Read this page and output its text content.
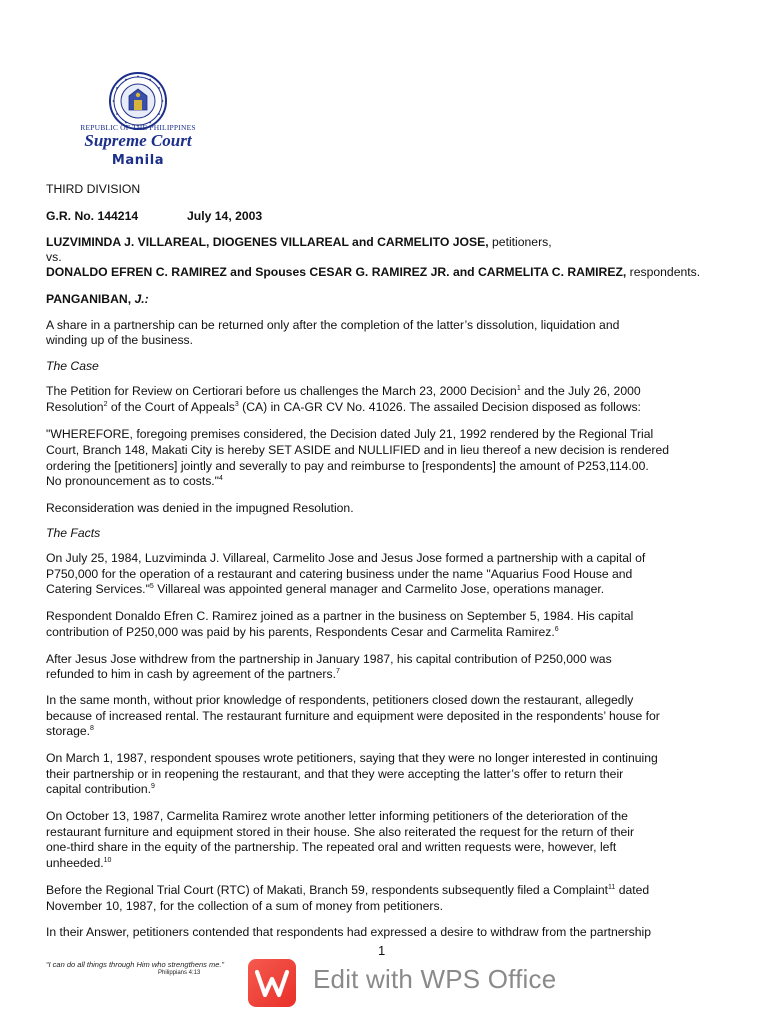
REPUBLIC OF THE PHILIPPINES
Supreme Court
Manila
THIRD DIVISION
G.R. No. 144214	July 14, 2003
LUZVIMINDA J. VILLAREAL, DIOGENES VILLAREAL and CARMELITO JOSE, petitioners,
vs.
DONALDO EFREN C. RAMIREZ and Spouses CESAR G. RAMIREZ JR. and CARMELITA C. RAMIREZ, respondents.
PANGANIBAN, J.:
A share in a partnership can be returned only after the completion of the latter’s dissolution, liquidation and
winding up of the business.
The Case
The Petition for Review on Certiorari before us challenges the March 23, 2000 Decision$^1$ and the July 26, 2000
Resolution$^2$ of the Court of Appeals$^3$ (CA) in CA-GR CV No. 41026. The assailed Decision disposed as follows:
"WHEREFORE, foregoing premises considered, the Decision dated July 21, 1992 rendered by the Regional Trial
Court, Branch 148, Makati City is hereby SET ASIDE and NULLIFIED and in lieu thereof a new decision is rendered
ordering the [petitioners] jointly and severally to pay and reimburse to [respondents] the amount of P253,114.00.
No pronouncement as to costs."$^4$
Reconsideration was denied in the impugned Resolution.
The Facts
On July 25, 1984, Luzviminda J. Villareal, Carmelito Jose and Jesus Jose formed a partnership with a capital of
P750,000 for the operation of a restaurant and catering business under the name "Aquarius Food House and
Catering Services."$^5$ Villareal was appointed general manager and Carmelito Jose, operations manager.
Respondent Donaldo Efren C. Ramirez joined as a partner in the business on September 5, 1984. His capital
contribution of P250,000 was paid by his parents, Respondents Cesar and Carmelita Ramirez.$^6$
After Jesus Jose withdrew from the partnership in January 1987, his capital contribution of P250,000 was
refunded to him in cash by agreement of the partners.$^7$
In the same month, without prior knowledge of respondents, petitioners closed down the restaurant, allegedly
because of increased rental. The restaurant furniture and equipment were deposited in the respondents’ house for
storage.$^8$
On March 1, 1987, respondent spouses wrote petitioners, saying that they were no longer interested in continuing
their partnership or in reopening the restaurant, and that they were accepting the latter’s offer to return their
capital contribution.$^9$
On October 13, 1987, Carmelita Ramirez wrote another letter informing petitioners of the deterioration of the
restaurant furniture and equipment stored in their house. She also reiterated the request for the return of their
one-third share in the equity of the partnership. The repeated oral and written requests were, however, left
unheeded.$^{10}$
Before the Regional Trial Court (RTC) of Makati, Branch 59, respondents subsequently filed a Complaint$^{11}$ dated
November 10, 1987, for the collection of a sum of money from petitioners.
In their Answer, petitioners contended that respondents had expressed a desire to withdraw from the partnership
1
“I can do all things through Him who strengthens me.”
Philippians 4:13	Edit with WPS Office
